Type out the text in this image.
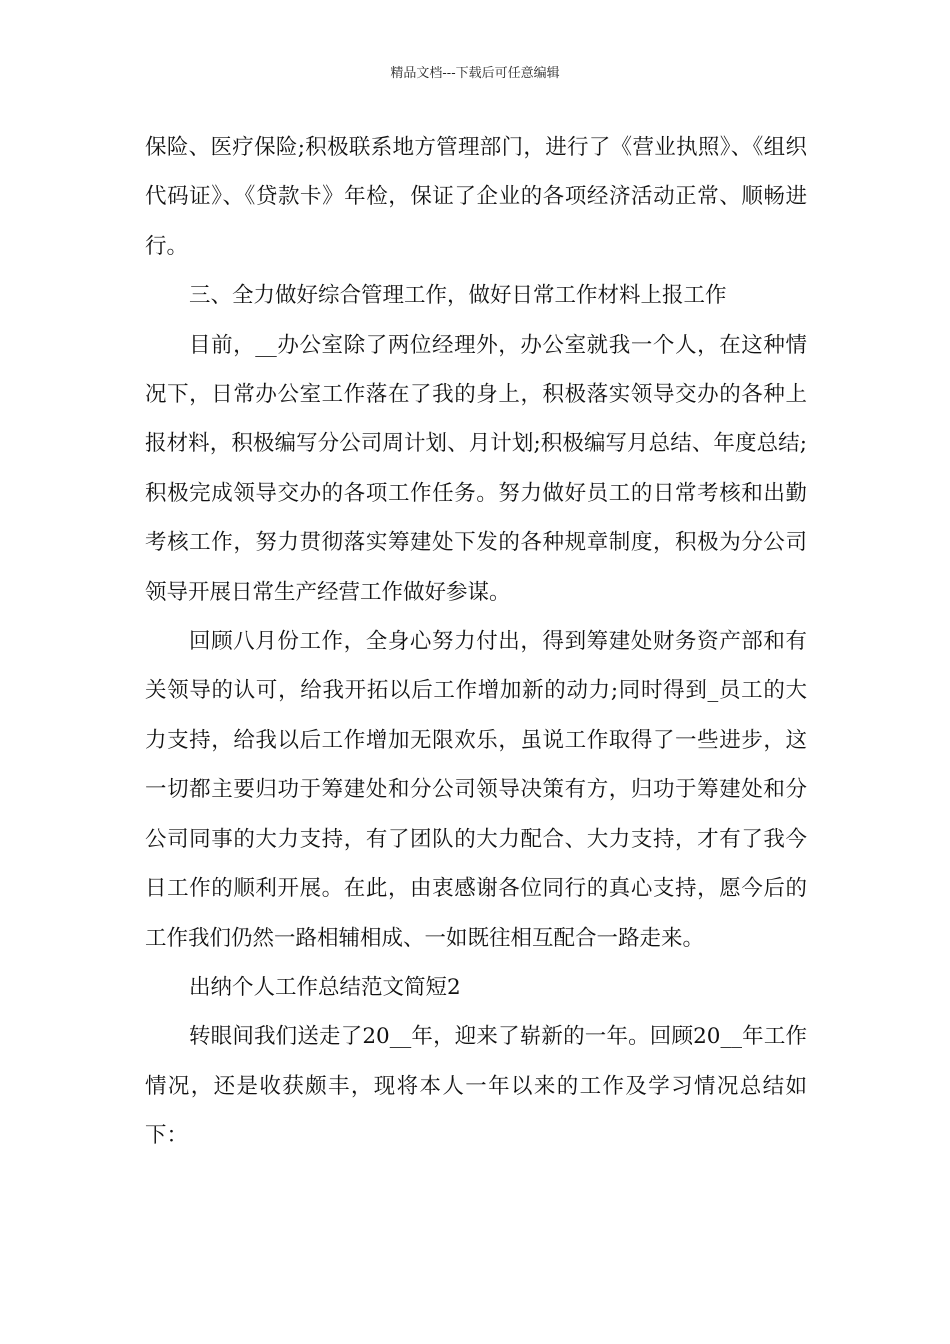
精品文档---下载后可任意编辑

保险、医疗保险;积极联系地方管理部门，进行了《营业执照》、《组织代码证》、《贷款卡》年检，保证了企业的各项经济活动正常、顺畅进行。

三、全力做好综合管理工作，做好日常工作材料上报工作

目前，__办公室除了两位经理外，办公室就我一个人，在这种情况下，日常办公室工作落在了我的身上，积极落实领导交办的各种上报材料，积极编写分公司周计划、月计划;积极编写月总结、年度总结;积极完成领导交办的各项工作任务。努力做好员工的日常考核和出勤考核工作，努力贯彻落实筹建处下发的各种规章制度，积极为分公司领导开展日常生产经营工作做好参谋。

回顾八月份工作，全身心努力付出，得到筹建处财务资产部和有关领导的认可，给我开拓以后工作增加新的动力;同时得到_员工的大力支持，给我以后工作增加无限欢乐，虽说工作取得了一些进步，这一切都主要归功于筹建处和分公司领导决策有方，归功于筹建处和分公司同事的大力支持，有了团队的大力配合、大力支持，才有了我今日工作的顺利开展。在此，由衷感谢各位同行的真心支持，愿今后的工作我们仍然一路相辅相成、一如既往相互配合一路走来。

出纳个人工作总结范文简短2

转眼间我们送走了20__年，迎来了崭新的一年。回顾20__年工作情况，还是收获颇丰，现将本人一年以来的工作及学习情况总结如下：
